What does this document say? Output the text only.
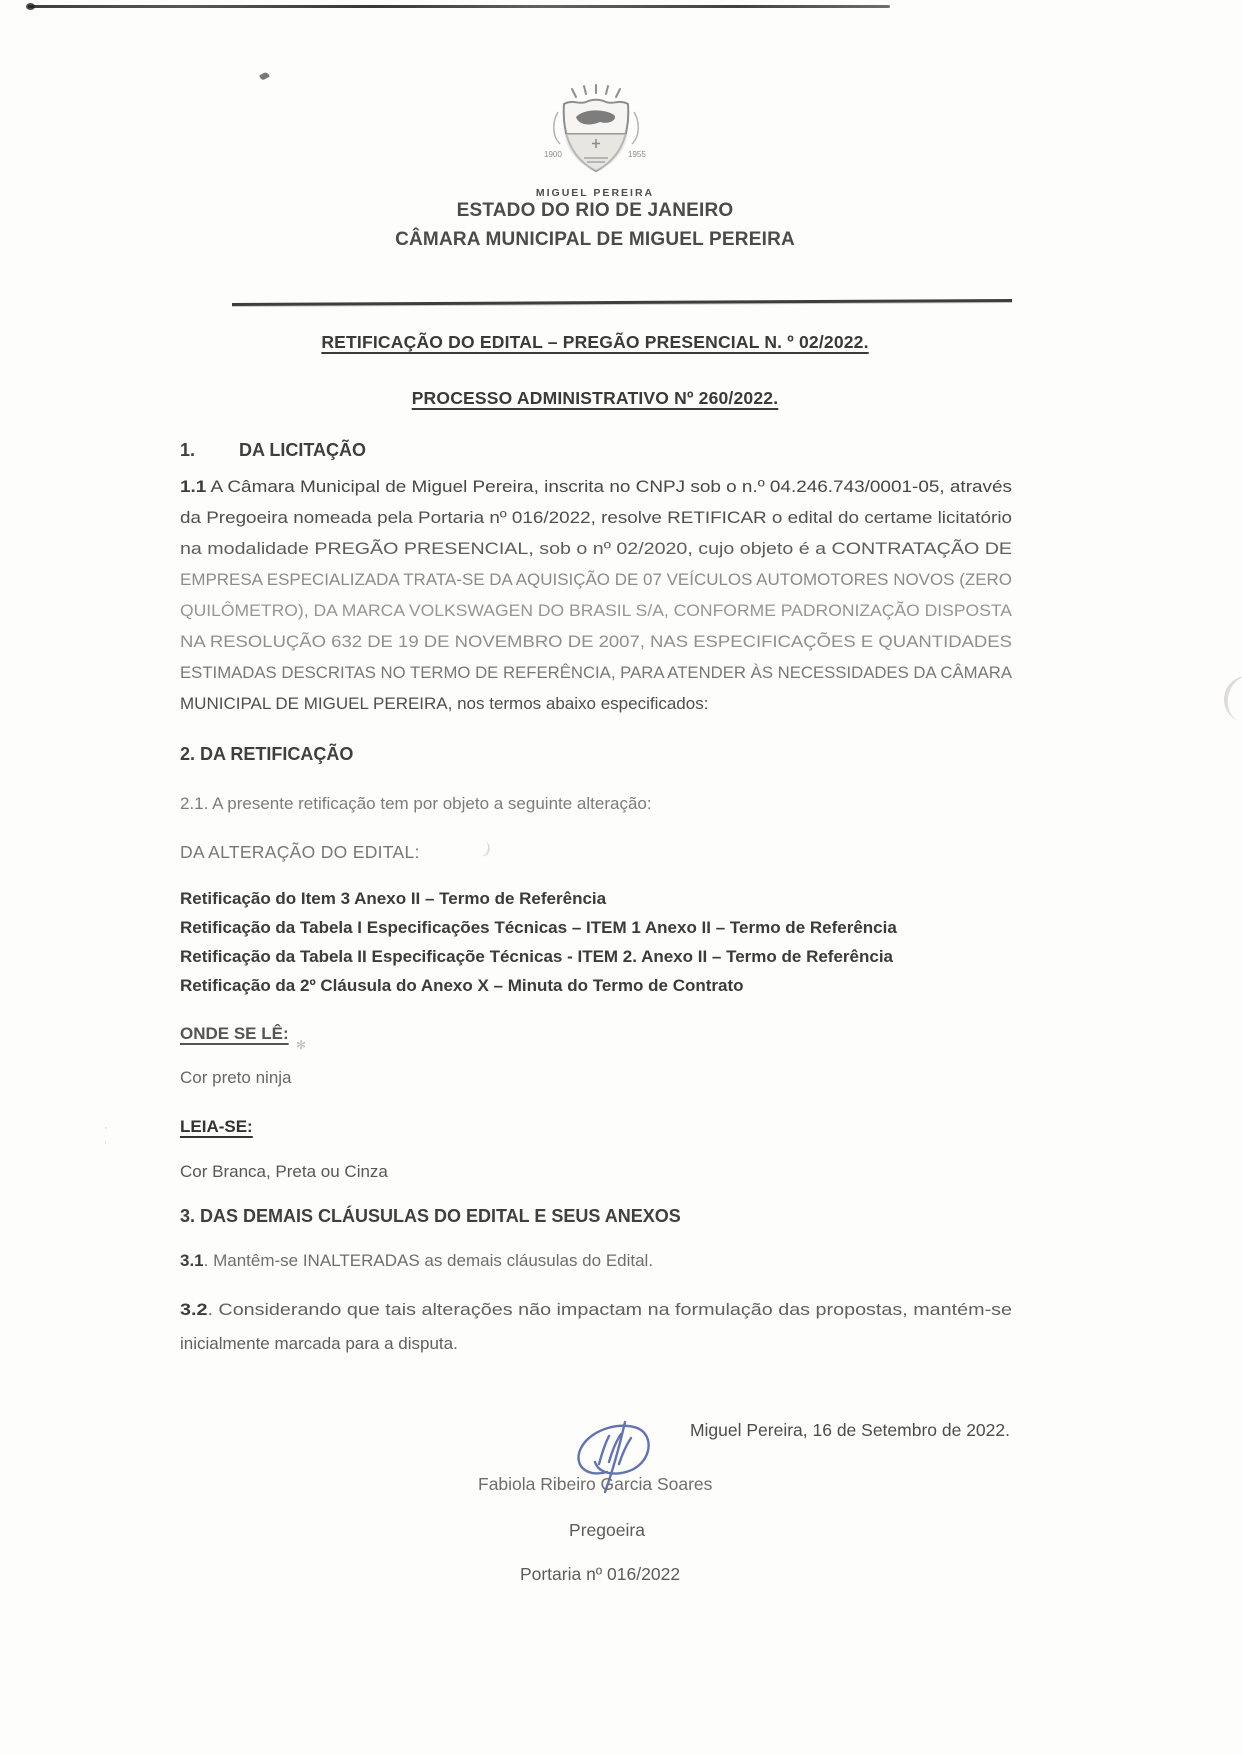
✻
· .
1900	1955
MIGUEL PEREIRA
ESTADO DO RIO DE JANEIRO
CÂMARA MUNICIPAL DE MIGUEL PEREIRA
RETIFICAÇÃO DO EDITAL – PREGÃO PRESENCIAL N. º 02/2022.
PROCESSO ADMINISTRATIVO Nº 260/2022.
1. DA LICITAÇÃO
1.1 A Câmara Municipal de Miguel Pereira, inscrita no CNPJ sob o n.º 04.246.743/0001-05, através
da Pregoeira nomeada pela Portaria nº 016/2022, resolve RETIFICAR o edital do certame licitatório
na modalidade PREGÃO PRESENCIAL, sob o nº 02/2020, cujo objeto é a CONTRATAÇÃO DE
EMPRESA ESPECIALIZADA TRATA-SE DA AQUISIÇÃO DE 07 VEÍCULOS AUTOMOTORES NOVOS (ZERO
QUILÔMETRO), DA MARCA VOLKSWAGEN DO BRASIL S/A, CONFORME PADRONIZAÇÃO DISPOSTA
NA RESOLUÇÃO 632 DE 19 DE NOVEMBRO DE 2007, NAS ESPECIFICAÇÕES E QUANTIDADES
ESTIMADAS DESCRITAS NO TERMO DE REFERÊNCIA, PARA ATENDER ÀS NECESSIDADES DA CÂMARA
MUNICIPAL DE MIGUEL PEREIRA, nos termos abaixo especificados:
2. DA RETIFICAÇÃO
2.1. A presente retificação tem por objeto a seguinte alteração:
DA ALTERAÇÃO DO EDITAL:
Retificação do Item 3 Anexo II – Termo de Referência
Retificação da Tabela I Especificações Técnicas – ITEM 1 Anexo II – Termo de Referência
Retificação da Tabela II Especificaçõe Técnicas - ITEM 2. Anexo II – Termo de Referência
Retificação da 2º Cláusula do Anexo X – Minuta do Termo de Contrato
ONDE SE LÊ:
Cor preto ninja
LEIA-SE:
Cor Branca, Preta ou Cinza
3. DAS DEMAIS CLÁUSULAS DO EDITAL E SEUS ANEXOS
3.1. Mantêm-se INALTERADAS as demais cláusulas do Edital.
3.2. Considerando que tais alterações não impactam na formulação das propostas, mantém-se
inicialmente marcada para a disputa.
Miguel Pereira, 16 de Setembro de 2022.
Fabiola Ribeiro Garcia Soares
Pregoeira
Portaria nº 016/2022
